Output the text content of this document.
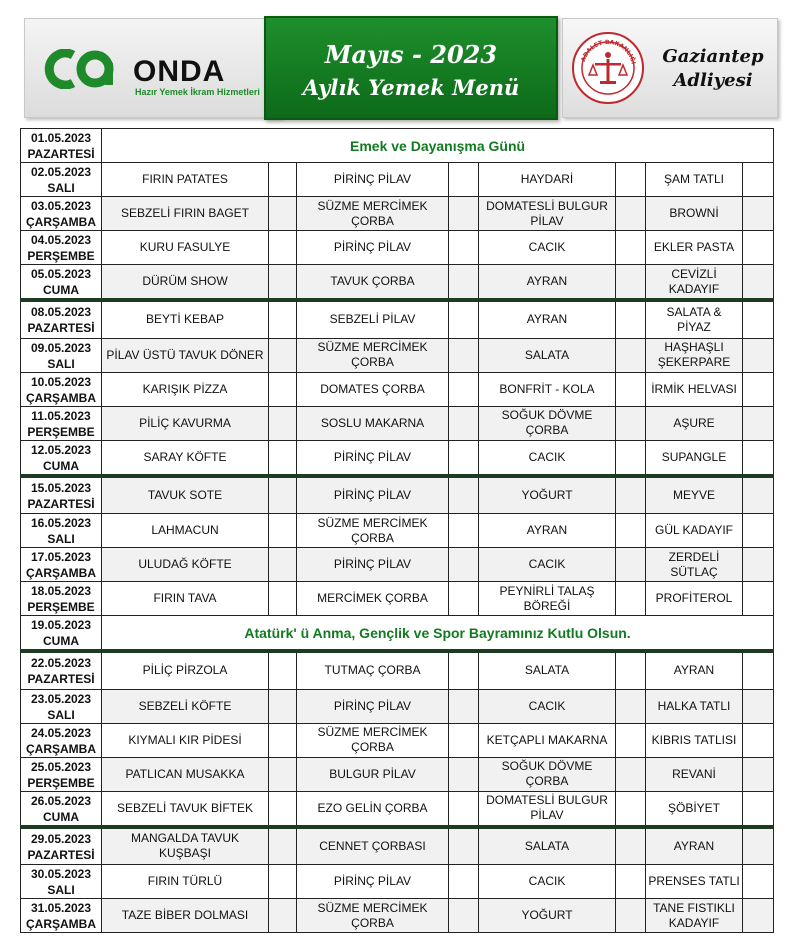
ONDA
Hazır Yemek İkram Hizmetleri
Mayıs - 2023
Aylık Yemek Menü
ADALET BAKANLIĞI	Gaziantep
Adliyesi
01.05.2023
PAZARTESİ	Emek ve Dayanışma Günü							

02.05.2023
SALI	FIRIN PATATES		PİRİNÇ PİLAV		HAYDARİ		ŞAM TATLI	

03.05.2023
ÇARŞAMBA	SEBZELİ FIRIN BAGET		SÜZME MERCİMEK ÇORBA		DOMATESLİ BULGUR PİLAV		BROWNİ	

04.05.2023
PERŞEMBE	KURU FASULYE		PİRİNÇ PİLAV		CACIK		EKLER PASTA	

05.05.2023
CUMA	DÜRÜM SHOW		TAVUK ÇORBA		AYRAN		CEVİZLİ KADAYIF	

08.05.2023
PAZARTESİ	BEYTİ KEBAP		SEBZELİ PİLAV		AYRAN		SALATA & PİYAZ	

09.05.2023
SALI	PİLAV ÜSTÜ TAVUK DÖNER		SÜZME MERCİMEK ÇORBA		SALATA		HAŞHAŞLI ŞEKERPARE	

10.05.2023
ÇARŞAMBA	KARIŞIK PİZZA		DOMATES ÇORBA		BONFRİT - KOLA		İRMİK HELVASI	

11.05.2023
PERŞEMBE	PİLİÇ KAVURMA		SOSLU MAKARNA		SOĞUK DÖVME ÇORBA		AŞURE	

12.05.2023
CUMA	SARAY KÖFTE		PİRİNÇ PİLAV		CACIK		SUPANGLE	

15.05.2023
PAZARTESİ	TAVUK SOTE		PİRİNÇ PİLAV		YOĞURT		MEYVE	

16.05.2023
SALI	LAHMACUN		SÜZME MERCİMEK ÇORBA		AYRAN		GÜL KADAYIF	

17.05.2023
ÇARŞAMBA	ULUDAĞ KÖFTE		PİRİNÇ PİLAV		CACIK		ZERDELİ SÜTLAÇ	

18.05.2023
PERŞEMBE	FIRIN TAVA		MERCİMEK ÇORBA		PEYNİRLİ TALAŞ BÖREĞİ		PROFİTEROL	

19.05.2023
CUMA	Atatürk' ü Anma, Gençlik ve Spor Bayramınız Kutlu Olsun.							

22.05.2023
PAZARTESİ	PİLİÇ PİRZOLA		TUTMAÇ ÇORBA		SALATA		AYRAN	

23.05.2023
SALI	SEBZELİ KÖFTE		PİRİNÇ PİLAV		CACIK		HALKA TATLI	

24.05.2023
ÇARŞAMBA	KIYMALI KIR PİDESİ		SÜZME MERCİMEK ÇORBA		KETÇAPLI MAKARNA		KIBRIS TATLISI	

25.05.2023
PERŞEMBE	PATLICAN MUSAKKA		BULGUR PİLAV		SOĞUK DÖVME ÇORBA		REVANİ	

26.05.2023
CUMA	SEBZELİ TAVUK BİFTEK		EZO GELİN ÇORBA		DOMATESLİ BULGUR PİLAV		ŞÖBİYET	

29.05.2023
PAZARTESİ	MANGALDA TAVUK KUŞBAŞI		CENNET ÇORBASI		SALATA		AYRAN	

30.05.2023
SALI	FIRIN TÜRLÜ		PİRİNÇ PİLAV		CACIK		PRENSES TATLI	

31.05.2023
ÇARŞAMBA	TAZE BİBER DOLMASI		SÜZME MERCİMEK ÇORBA		YOĞURT		TANE FISTIKLI KADAYIF	
